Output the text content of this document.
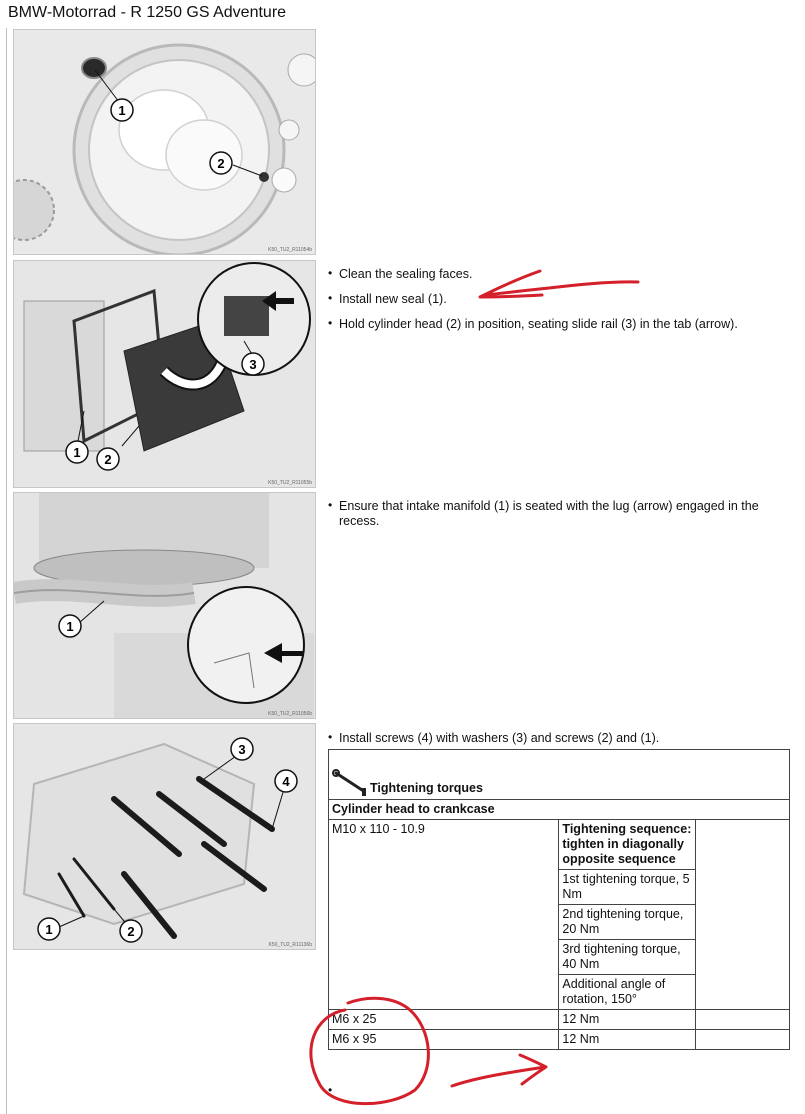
BMW-Motorrad - R 1250 GS Adventure
1
2
K50_TU2_R11054b
1 2
3
K50_TU2_R11055b
1
K50_TU2_R11056b
3
4
1	2
K50_TU2_R11136b
• Clean the sealing faces.
• Install new seal (1).
• Hold cylinder head (2) in position, seating slide rail (3) in the tab (arrow).
• Ensure that intake manifold (1) is seated with the lug (arrow) engaged in the recess.
• Install screws (4) with washers (3) and screws (2) and (1).
Tightening torques		
Cylinder head to crankcase		
M10 x 110 - 10.9	Tightening sequence: tighten in diagonally opposite sequence	
	1st tightening torque, 5 Nm	
	2nd tightening torque, 20 Nm	
	3rd tightening torque, 40 Nm	
	Additional angle of rotation, 150°	
M6 x 25	12 Nm	
M6 x 95	12 Nm	
•
